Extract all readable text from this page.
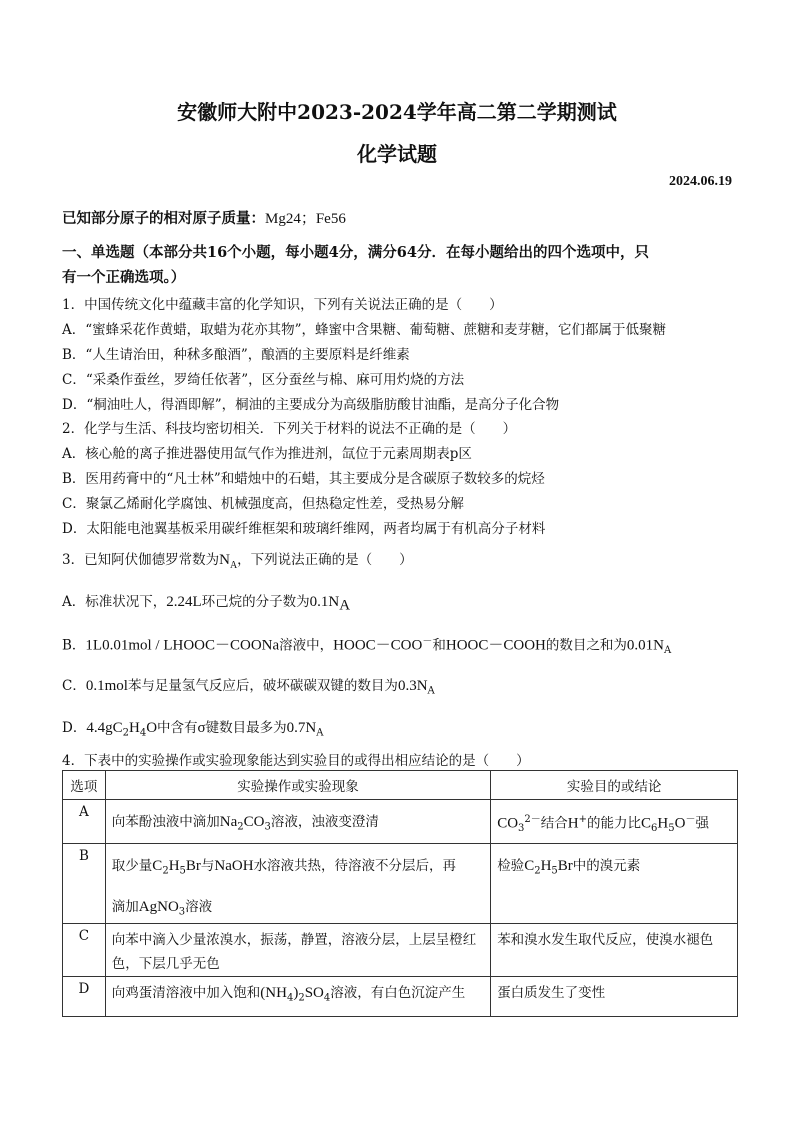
安徽师大附中2023-2024学年高二第二学期测试
化学试题
2024.06.19
已知部分原子的相对原子质量：Mg24；Fe56
一、单选题（本部分共16个小题，每小题4分，满分64分．在每小题给出的四个选项中，只
有一个正确选项。）
1．中国传统文化中蕴藏丰富的化学知识，下列有关说法正确的是（　　）
A．“蜜蜂采花作黄蜡，取蜡为花亦其物”，蜂蜜中含果糖、葡萄糖、蔗糖和麦芽糖，它们都属于低聚糖
B．“人生请治田，种秫多酿酒”，酿酒的主要原料是纤维素
C．“采桑作蚕丝，罗绮任依著”，区分蚕丝与棉、麻可用灼烧的方法
D．“桐油吐人，得酒即解”，桐油的主要成分为高级脂肪酸甘油酯，是高分子化合物
2．化学与生活、科技均密切相关．下列关于材料的说法不正确的是（　　）
A．核心舱的离子推进器使用氙气作为推进剂，氙位于元素周期表p区
B．医用药膏中的“凡士林”和蜡烛中的石蜡，其主要成分是含碳原子数较多的烷烃
C．聚氯乙烯耐化学腐蚀、机械强度高，但热稳定性差，受热易分解
D．太阳能电池翼基板采用碳纤维框架和玻璃纤维网，两者均属于有机高分子材料
3．已知阿伏伽德罗常数为$N_A$，下列说法正确的是（　　）
A．标准状况下，2.24L环己烷的分子数为$0.1N_A$
B．1L0.01mol / LHOOC－COONa溶液中，HOOC－COO－和HOOC－COOH的数目之和为$0.01N_A$
C．0.1mol苯与足量氢气反应后，破坏碳碳双键的数目为$0.3N_A$
D．$4.4gC_2H_4O$中含有σ键数目最多为$0.7N_A$
4．下表中的实验操作或实验现象能达到实验目的或得出相应结论的是（　　）
选项	实验操作或实验现象	实验目的或结论
A	向苯酚浊液中滴加$Na_2CO_3$溶液，浊液变澄清	$CO_3^{2-}$结合H+的能力比$C_6H_5O^-$强
B	取少量$C_2H_5Br$与NaOH水溶液共热，待溶液不分层后，再
滴加AgNO$_3$溶液	检验$C_2H_5Br$中的溴元素
C	向苯中滴入少量浓溴水，振荡，静置，溶液分层，上层呈橙红
色，下层几乎无色	苯和溴水发生取代反应，使溴水褪色
D	向鸡蛋清溶液中加入饱和$(NH_4)_2SO_4$溶液，有白色沉淀产生	蛋白质发生了变性
